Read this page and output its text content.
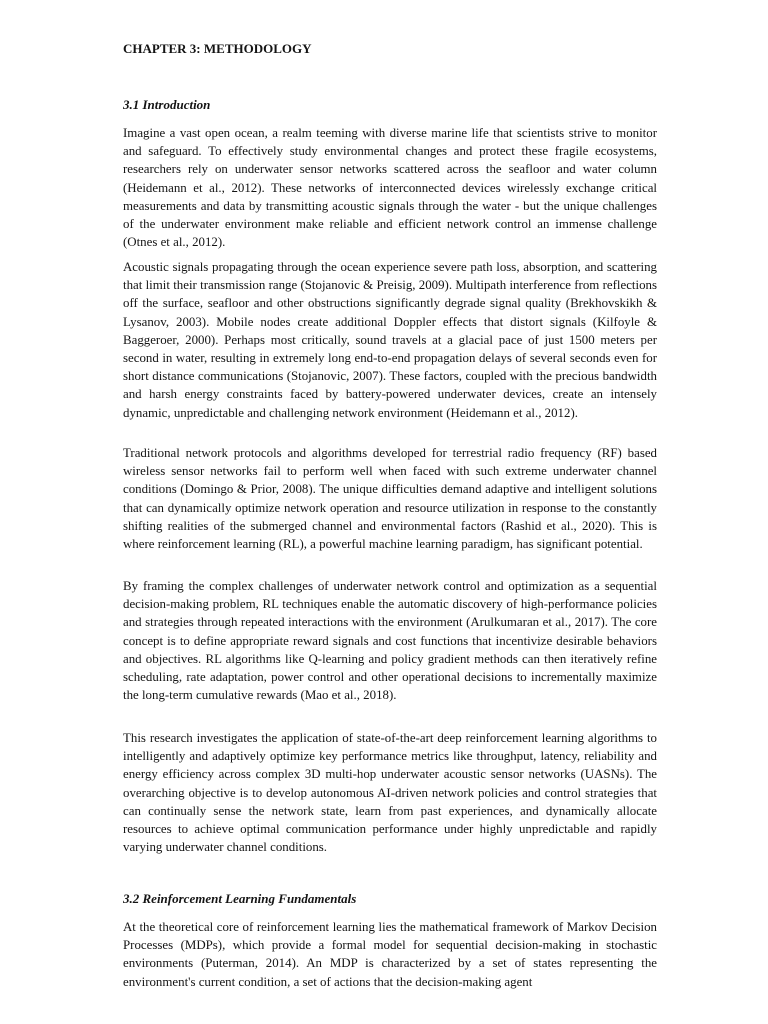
CHAPTER 3: METHODOLOGY
3.1 Introduction

Imagine a vast open ocean, a realm teeming with diverse marine life that scientists strive to monitor and safeguard. To effectively study environmental changes and protect these fragile ecosystems, researchers rely on underwater sensor networks scattered across the seafloor and water column (Heidemann et al., 2012). These networks of interconnected devices wirelessly exchange critical measurements and data by transmitting acoustic signals through the water - but the unique challenges of the underwater environment make reliable and efficient network control an immense challenge (Otnes et al., 2012).

Acoustic signals propagating through the ocean experience severe path loss, absorption, and scattering that limit their transmission range (Stojanovic & Preisig, 2009). Multipath interference from reflections off the surface, seafloor and other obstructions significantly degrade signal quality (Brekhovskikh & Lysanov, 2003). Mobile nodes create additional Doppler effects that distort signals (Kilfoyle & Baggeroer, 2000). Perhaps most critically, sound travels at a glacial pace of just 1500 meters per second in water, resulting in extremely long end-to-end propagation delays of several seconds even for short distance communications (Stojanovic, 2007). These factors, coupled with the precious bandwidth and harsh energy constraints faced by battery-powered underwater devices, create an intensely dynamic, unpredictable and challenging network environment (Heidemann et al., 2012).

Traditional network protocols and algorithms developed for terrestrial radio frequency (RF) based wireless sensor networks fail to perform well when faced with such extreme underwater channel conditions (Domingo & Prior, 2008). The unique difficulties demand adaptive and intelligent solutions that can dynamically optimize network operation and resource utilization in response to the constantly shifting realities of the submerged channel and environmental factors (Rashid et al., 2020). This is where reinforcement learning (RL), a powerful machine learning paradigm, has significant potential.

By framing the complex challenges of underwater network control and optimization as a sequential decision-making problem, RL techniques enable the automatic discovery of high-performance policies and strategies through repeated interactions with the environment (Arulkumaran et al., 2017). The core concept is to define appropriate reward signals and cost functions that incentivize desirable behaviors and objectives. RL algorithms like Q-learning and policy gradient methods can then iteratively refine scheduling, rate adaptation, power control and other operational decisions to incrementally maximize the long-term cumulative rewards (Mao et al., 2018).

This research investigates the application of state-of-the-art deep reinforcement learning algorithms to intelligently and adaptively optimize key performance metrics like throughput, latency, reliability and energy efficiency across complex 3D multi-hop underwater acoustic sensor networks (UASNs). The overarching objective is to develop autonomous AI-driven network policies and control strategies that can continually sense the network state, learn from past experiences, and dynamically allocate resources to achieve optimal communication performance under highly unpredictable and rapidly varying underwater channel conditions.

3.2 Reinforcement Learning Fundamentals

At the theoretical core of reinforcement learning lies the mathematical framework of Markov Decision Processes (MDPs), which provide a formal model for sequential decision-making in stochastic environments (Puterman, 2014). An MDP is characterized by a set of states representing the environment's current condition, a set of actions that the decision-making agent
